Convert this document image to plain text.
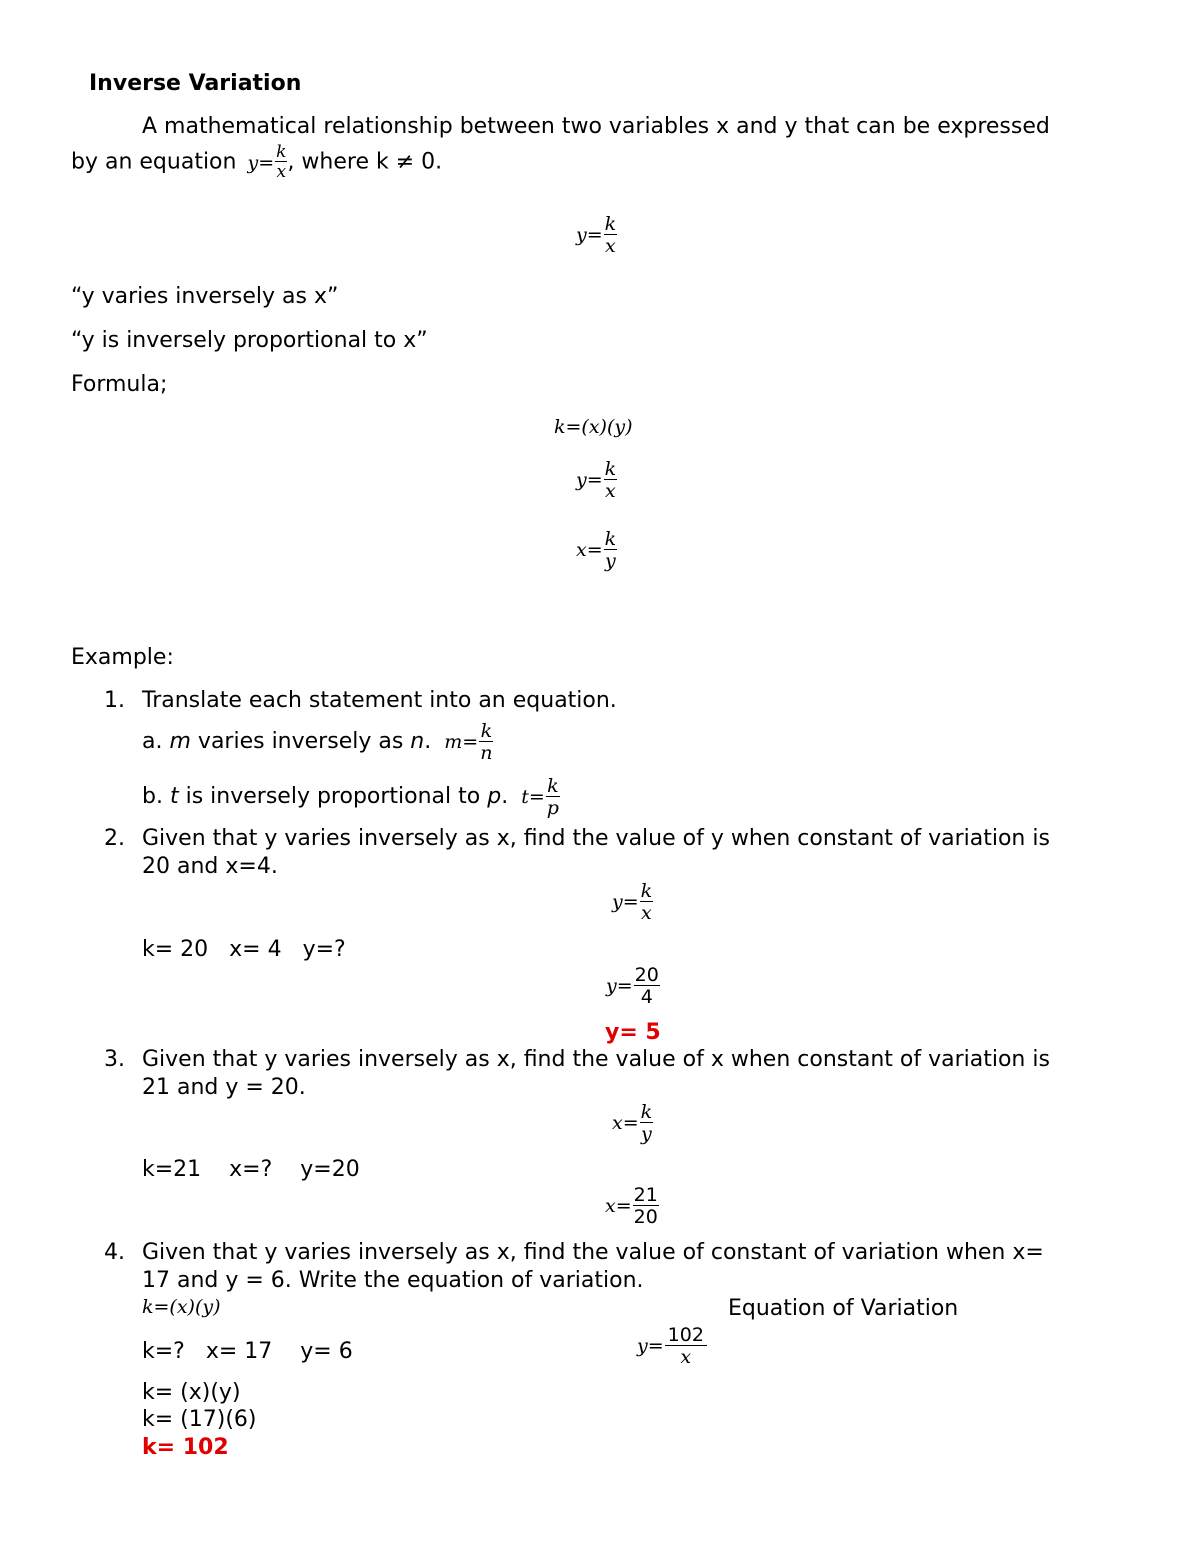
Inverse Variation
A mathematical relationship between two variables x and y that can be expressed
by an equation $y = \frac{k}{x}$ , where k ≠ 0.
$y = \frac{k}{x}$
“y varies inversely as x”
“y is inversely proportional to x”
Formula;
k=(x)(y)
$y = \frac{k}{x}$
$x = \frac{k}{y}$
Example:
1. Translate each statement into an equation.
a.
m
varies inversely as
n .
$m = \frac{k}{n}$
b.
t
is inversely proportional to
p .
$t = \frac{k}{p}$
2. Given that y varies inversely as x, find the value of y when constant of variation is
20 and x=4.
$y = \frac{k}{x}$
k= 20   x= 4   y=?
$y = \frac{20}{4}$
y= 5
3. Given that y varies inversely as x, find the value of x when constant of variation is
21 and y = 20.
$x = \frac{k}{y}$
k=21    x=?    y=20
$x = \frac{21}{20}$
4. Given that y varies inversely as x, find the value of constant of variation when x=
17 and y = 6. Write the equation of variation.
k=(x)(y)	Equation of Variation
k=?   x= 17    y= 6	$y = \frac{102}{x}$
k= (x)(y)
k= (17)(6)
k= 102
